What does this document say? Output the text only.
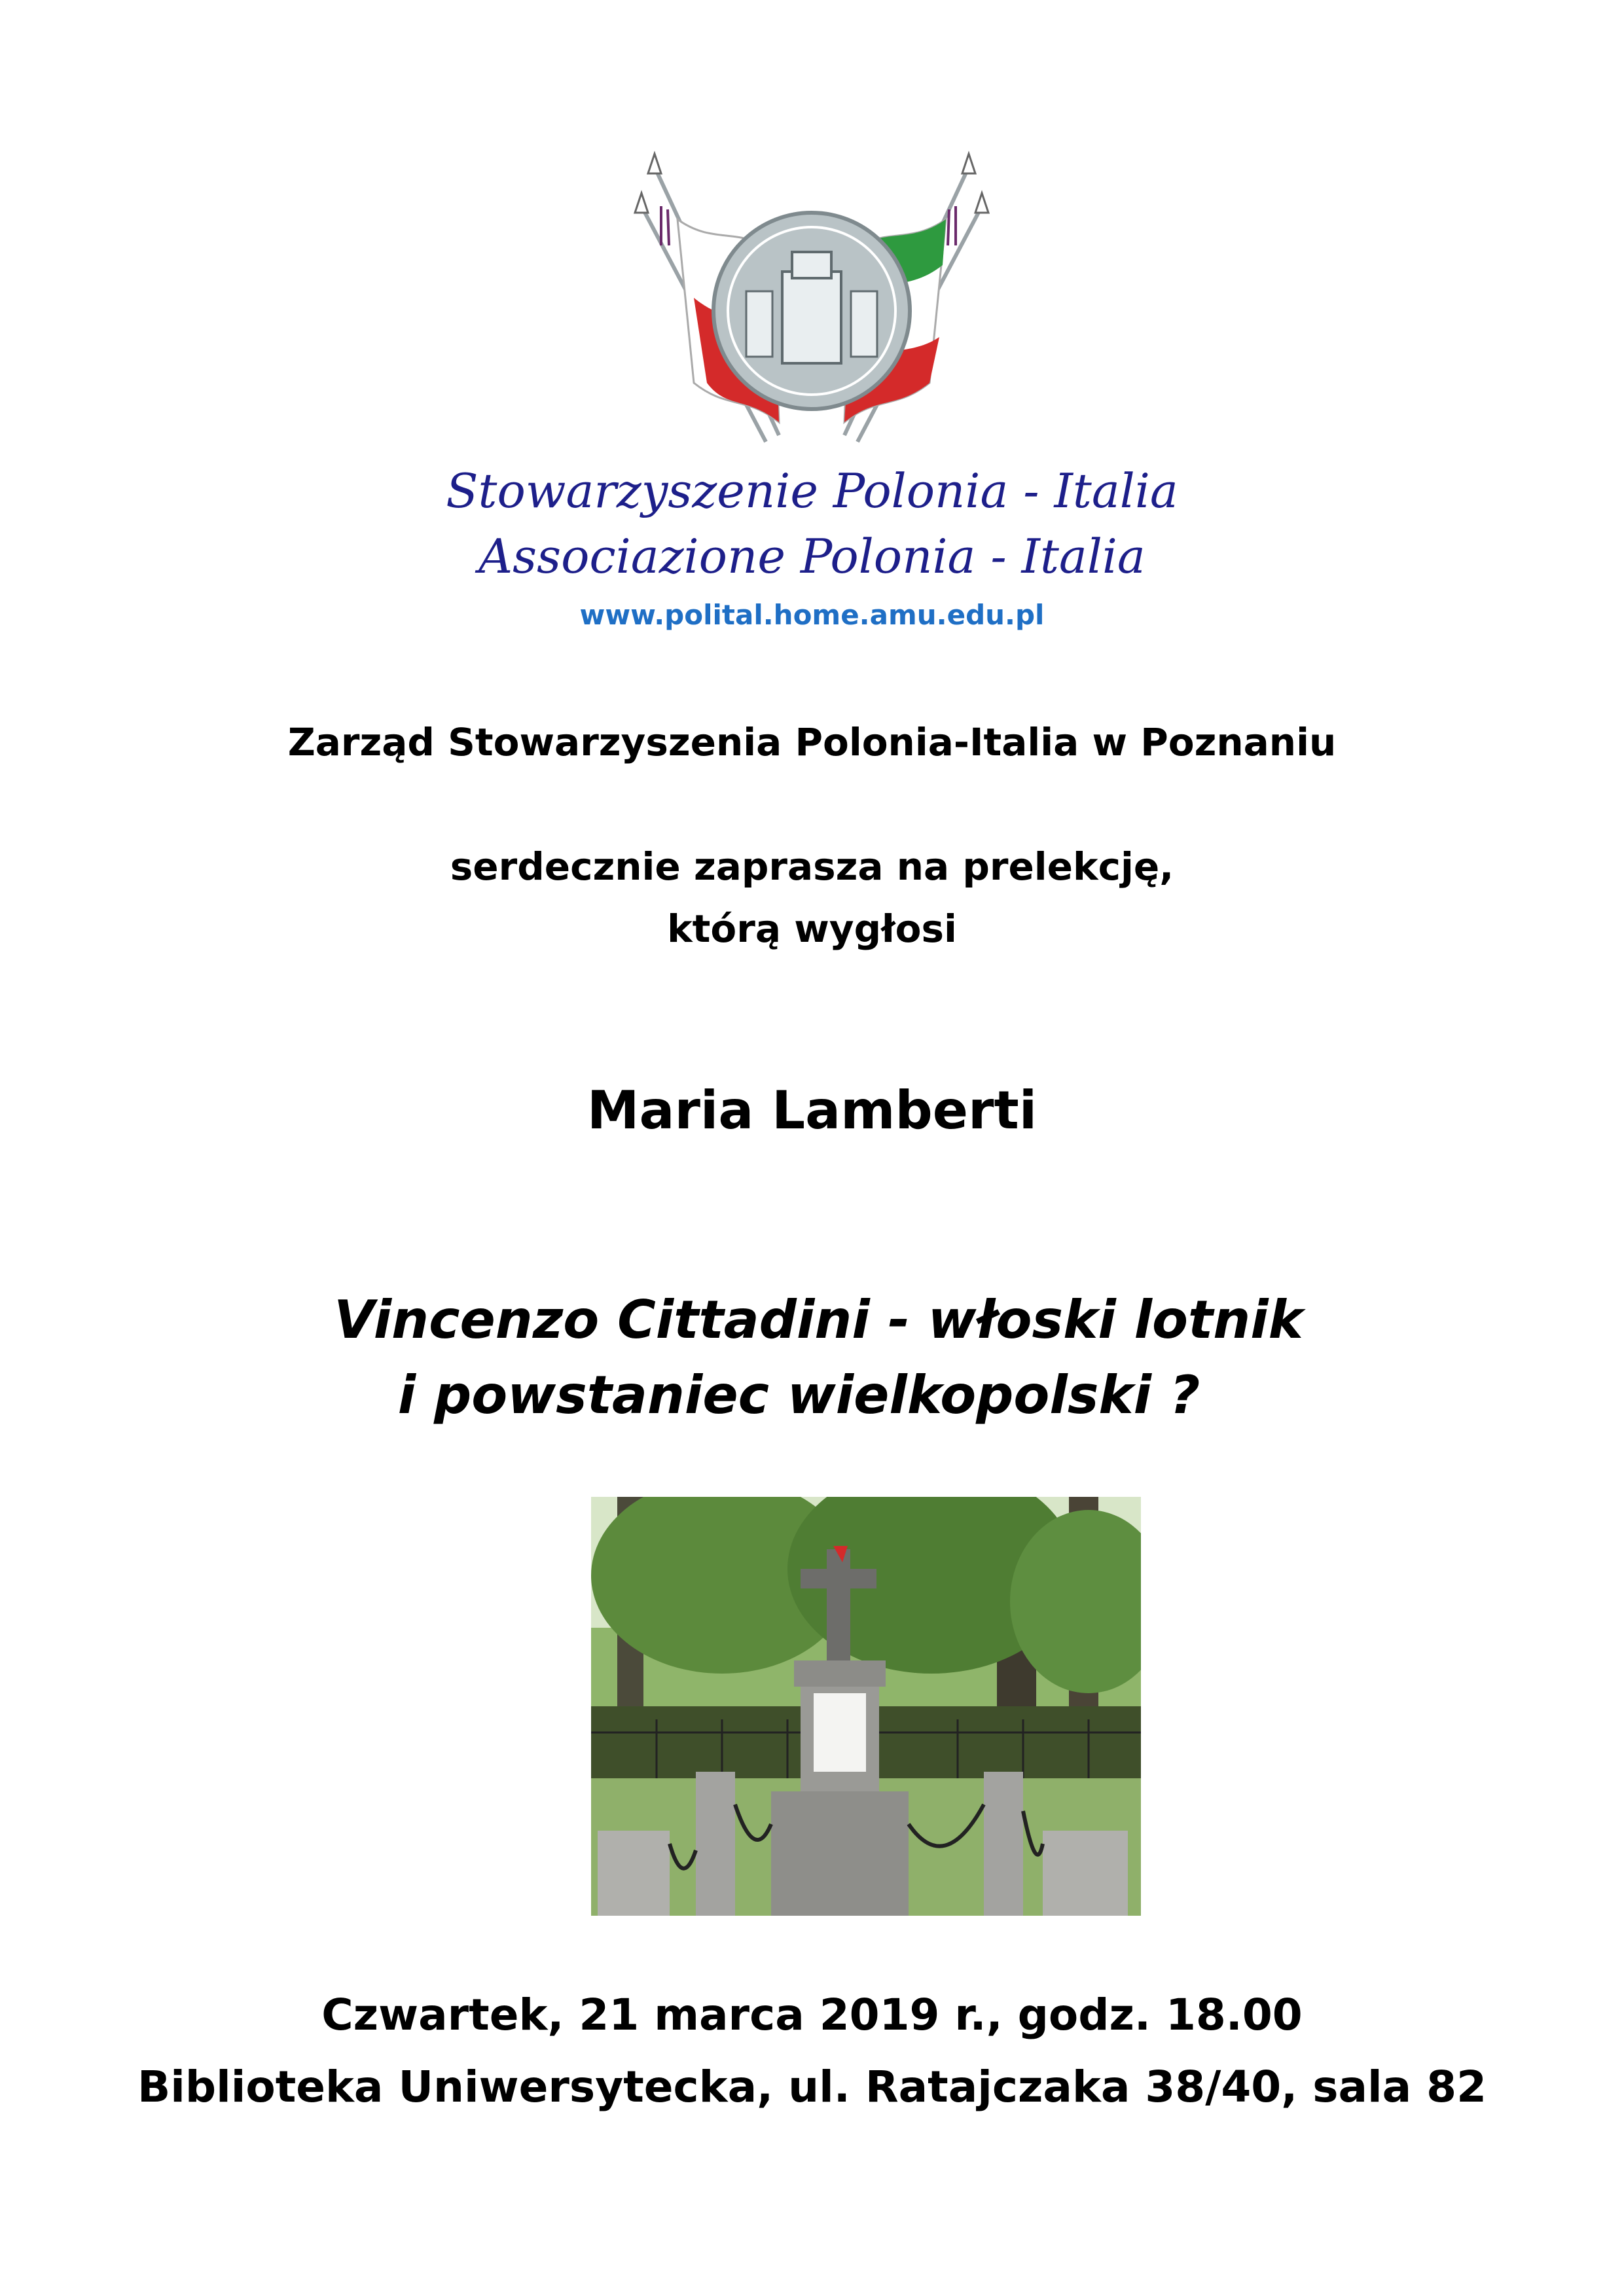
Stowarzyszenie Polonia - Italia
Associazione Polonia - Italia
www.polital.home.amu.edu.pl
Zarząd Stowarzyszenia Polonia-Italia w Poznaniu
serdecznie zaprasza na prelekcję,
którą wygłosi
Maria Lamberti
Vincenzo Cittadini - włoski lotnik
i powstaniec wielkopolski ?
Czwartek, 21 marca 2019 r., godz. 18.00
Biblioteka Uniwersytecka, ul. Ratajczaka 38/40, sala 82
